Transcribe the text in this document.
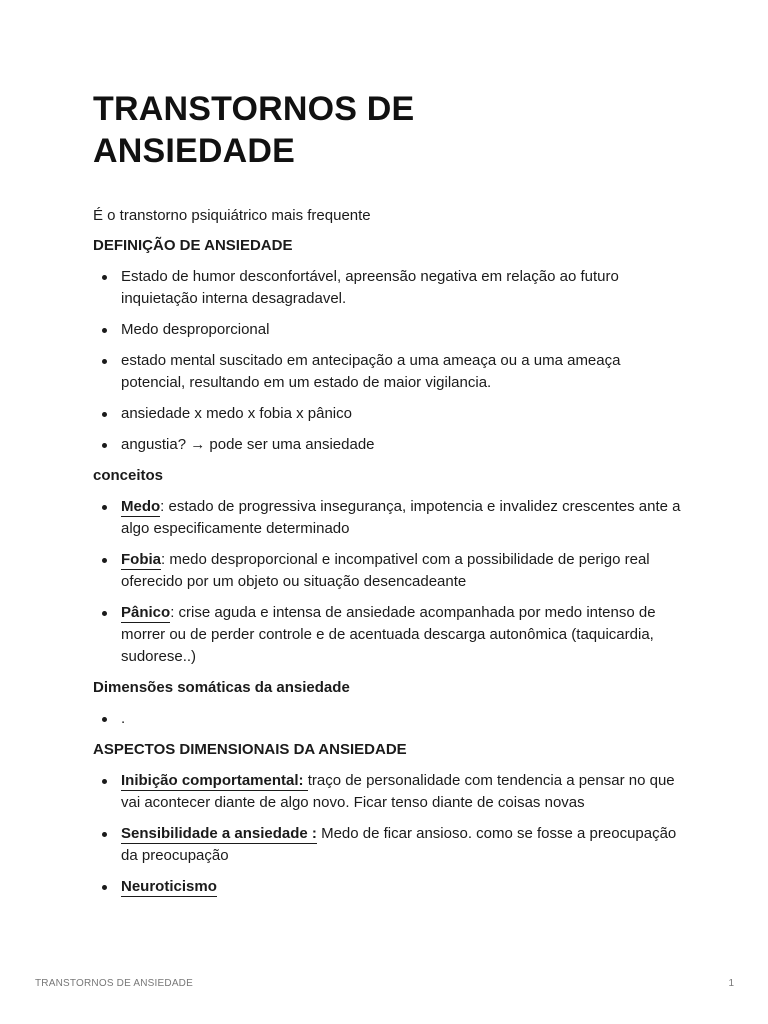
TRANSTORNOS DE
ANSIEDADE

É o transtorno psiquiátrico mais frequente

DEFINIÇÃO DE ANSIEDADE

Estado de humor desconfortável, apreensão negativa em relação ao futuro inquietação interna desagradavel.
Medo desproporcional
estado mental suscitado em antecipação a uma ameaça ou a uma ameaça potencial, resultando em um estado de maior vigilancia.
ansiedade x medo x fobia x pânico
angustia? → pode ser uma ansiedade

conceitos

Medo: estado de progressiva insegurança, impotencia e invalidez crescentes ante a algo especificamente determinado
Fobia: medo desproporcional e incompativel com a possibilidade de perigo real oferecido por um objeto ou situação desencadeante
Pânico: crise aguda e intensa de ansiedade acompanhada por medo intenso de morrer ou de perder controle e de acentuada descarga autonômica (taquicardia, sudorese..)

Dimensões somáticas da ansiedade

.

ASPECTOS DIMENSIONAIS DA ANSIEDADE

Inibição comportamental: traço de personalidade com tendencia a pensar no que vai acontecer diante de algo novo. Ficar tenso diante de coisas novas
Sensibilidade a ansiedade : Medo de ficar ansioso. como se fosse a preocupação da preocupação
Neuroticismo
TRANSTORNOS DE ANSIEDADE	1
